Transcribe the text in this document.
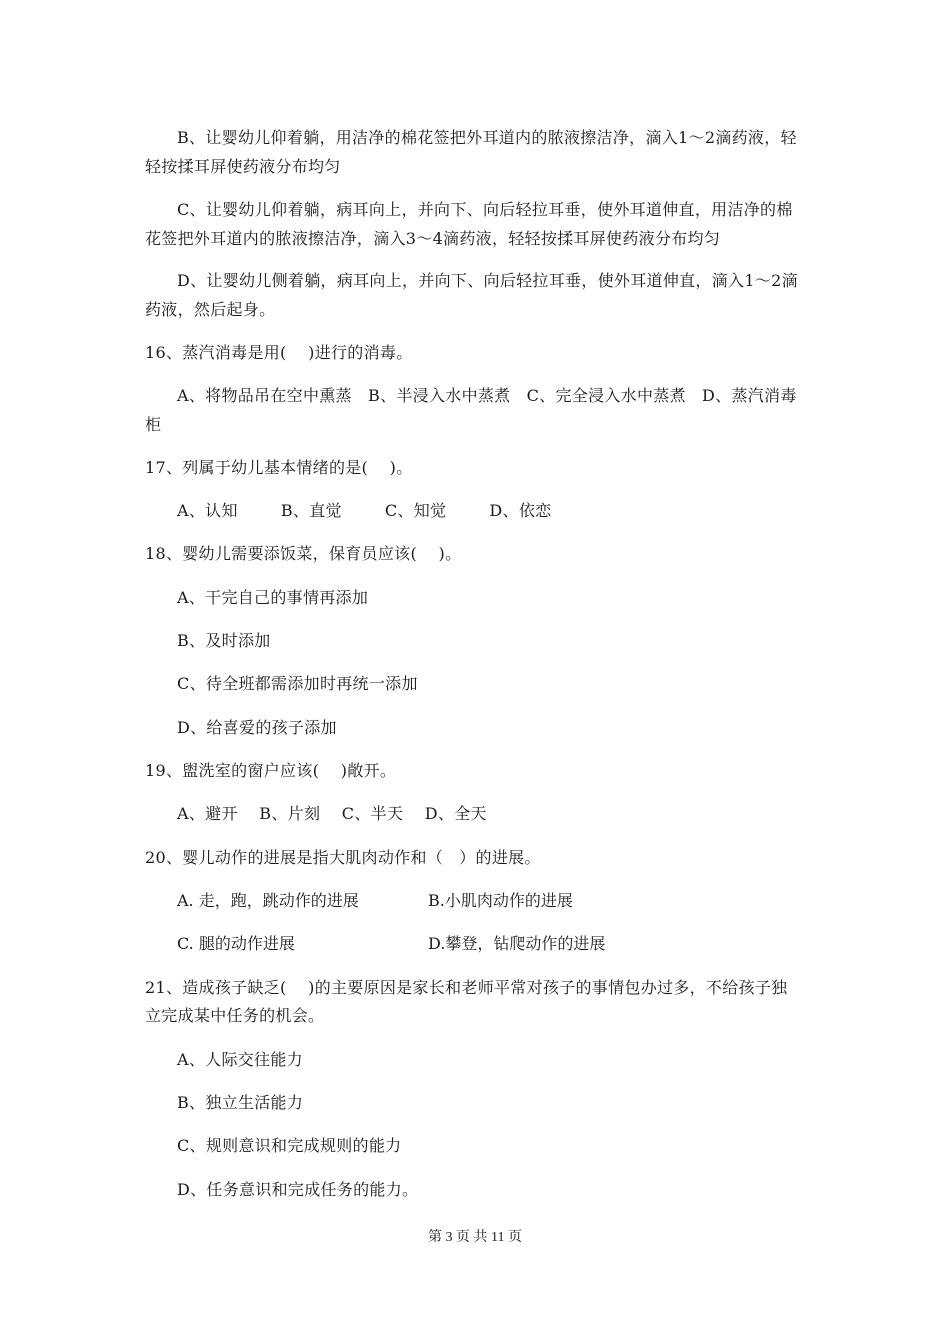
B、让婴幼儿仰着躺，用洁净的棉花签把外耳道内的脓液擦洁净，滴入1～2滴药液，轻
轻按揉耳屏使药液分布均匀
C、让婴幼儿仰着躺，病耳向上，并向下、向后轻拉耳垂，使外耳道伸直，用洁净的棉
花签把外耳道内的脓液擦洁净，滴入3～4滴药液，轻轻按揉耳屏使药液分布均匀
D、让婴幼儿侧着躺，病耳向上，并向下、向后轻拉耳垂，使外耳道伸直，滴入1～2滴
药液，然后起身。
16、蒸汽消毒是用(    )进行的消毒。
A、将物品吊在空中熏蒸   B、半浸入水中蒸煮   C、完全浸入水中蒸煮   D、蒸汽消毒
柜
17、列属于幼儿基本情绪的是(    )。
A、认知        B、直觉        C、知觉        D、依恋
18、婴幼儿需要添饭菜，保育员应该(    )。
A、干完自己的事情再添加
B、及时添加
C、待全班都需添加时再统一添加
D、给喜爱的孩子添加
19、盥洗室的窗户应该(    )敞开。
A、避开    B、片刻    C、半天    D、全天
20、婴儿动作的进展是指大肌肉动作和（   ）的进展。
A. 走，跑，跳动作的进展	B.小肌肉动作的进展
C. 腿的动作进展	D.攀登，钻爬动作的进展
21、造成孩子缺乏(    )的主要原因是家长和老师平常对孩子的事情包办过多，不给孩子独
立完成某中任务的机会。
A、人际交往能力
B、独立生活能力
C、规则意识和完成规则的能力
D、任务意识和完成任务的能力。
第 3 页 共 11 页
